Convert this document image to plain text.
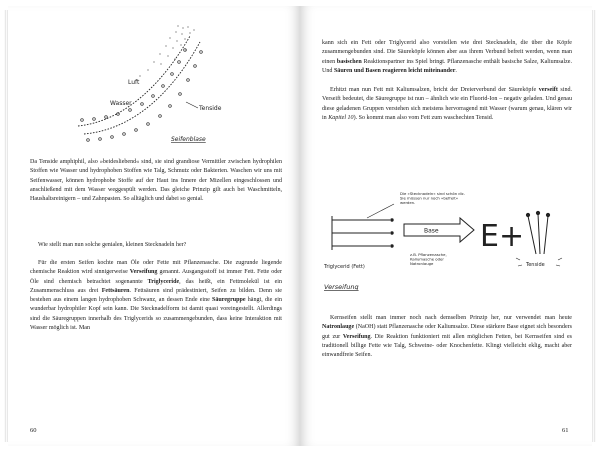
Luft
Wasser
Tenside
Seifenblase

Da Tenside amphiphil, also »beidesliebend« sind, sie sind grandiose Vermittler zwischen hydrophilen Stoffen wie Wasser und hydrophoben Stoffen wie Talg, Schmutz oder Bakterien. Waschen wir uns mit Seifenwasser, können hydrophobe Stoffe auf der Haut ins Innere der Mizellen eingeschlossen und anschließend mit dem Wasser weggespült werden. Das gleiche Prinzip gilt auch bei Waschmitteln, Haushaltsreinigern – und Zahnpasten. So alltäglich und dabei so genial.

Wie stellt man nun solche genialen, kleinen Stecknadeln her?

Für die ersten Seifen kochte man Öle oder Fette mit Pflanzenasche. Die zugrunde liegende chemische Reaktion wird sinnigerweise Verseifung genannt. Ausgangsstoff ist immer Fett. Fette oder Öle sind chemisch betrachtet sogenannte Triglyceride, das heißt, ein Fettmolekül ist ein Zusammenschluss aus drei Fettsäuren. Fettsäuren sind prädestiniert, Seifen zu bilden. Denn sie bestehen aus einem langen hydrophoben Schwanz, an dessen Ende eine Säuregruppe hängt, die ein wunderbar hydrophiler Kopf sein kann. Die Stecknadelform ist damit quasi voreingestellt. Allerdings sind die Säuregruppen innerhalb des Triglycerids so zusammengebunden, dass keine Interaktion mit Wasser möglich ist. Man

60

kann sich ein Fett oder Triglycerid also vorstellen wie drei Stecknadeln, die über die Köpfe zusammengebunden sind. Die Säureköpfe können aber aus ihrem Verbund befreit werden, wenn man einen basischen Reaktionspartner ins Spiel bringt. Pflanzenasche enthält basische Salze, Kaliumsalze. Und Säuren und Basen reagieren leicht miteinander.

Erhitzt man nun Fett mit Kaliumsalzen, bricht der Dreierverbund der Säureköpfe verseift sind. Verseift bedeutet, die Säuregruppe ist nun – ähnlich wie ein Fluorid-Ion – negativ geladen. Und genau diese geladenen Gruppen verstehen sich meistens hervorragend mit Wasser (warum genau, klären wir in Kapitel 10). So kommt man also vom Fett zum waschechten Tensid.

Die »Stecknadeln« sind schön dic. Sie müssen nur noch »befreit« werden.
Base E+
Tenside
Triglycerid (Fett)
z.B. Pflanzenasche, Kaliumasche oder Natronlauge
Verseifung

Kernseifen stellt man immer noch nach demselben Prinzip her, nur verwendet man heute Natronlauge (NaOH) statt Pflanzenasche oder Kaliumsalze. Diese stärkere Base eignet sich besonders gut zur Verseifung. Die Reaktion funktioniert mit allen möglichen Fetten, bei Kernseifen sind es traditionell billige Fette wie Talg, Schweine- oder Knochenfette. Klingt vielleicht eklig, macht aber einwandfreie Seifen.

61
